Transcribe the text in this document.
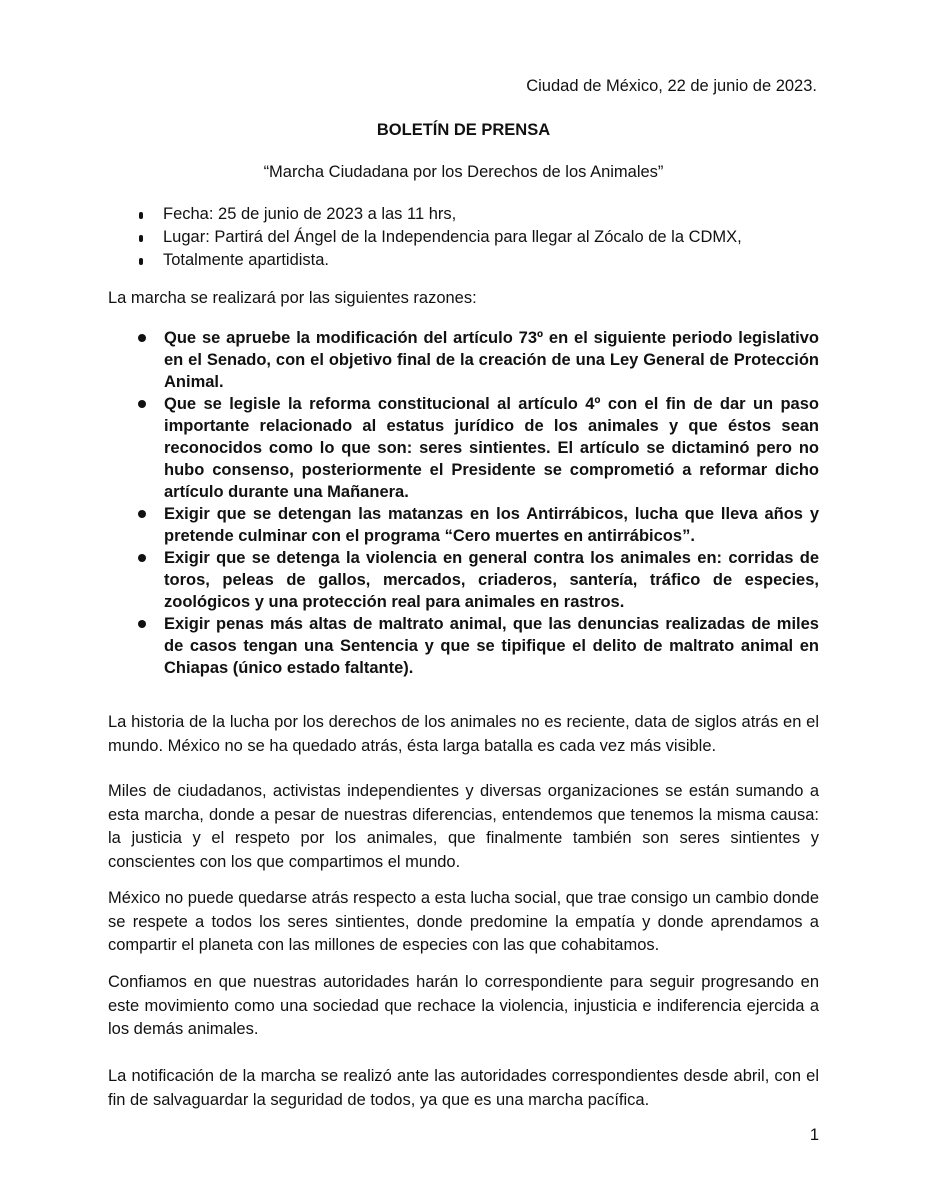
Ciudad de México, 22 de junio de 2023.
BOLETÍN DE PRENSA
“Marcha Ciudadana por los Derechos de los Animales”
Fecha: 25 de junio de 2023 a las 11 hrs,
Lugar: Partirá del Ángel de la Independencia para llegar al Zócalo de la CDMX,
Totalmente apartidista.
La marcha se realizará por las siguientes razones:
Que se apruebe la modificación del artículo 73º en el siguiente periodo legislativo en el Senado, con el objetivo final de la creación de una Ley General de Protección Animal.
Que se legisle la reforma constitucional al artículo 4º con el fin de dar un paso importante relacionado al estatus jurídico de los animales y que éstos sean reconocidos como lo que son: seres sintientes. El artículo se dictaminó pero no hubo consenso, posteriormente el Presidente se comprometió a reformar dicho artículo durante una Mañanera.
Exigir que se detengan las matanzas en los Antirrábicos, lucha que lleva años y pretende culminar con el programa “Cero muertes en antirrábicos”.
Exigir que se detenga la violencia en general contra los animales en: corridas de toros, peleas de gallos, mercados, criaderos, santería, tráfico de especies, zoológicos y una protección real para animales en rastros.
Exigir penas más altas de maltrato animal, que las denuncias realizadas de miles de casos tengan una Sentencia y que se tipifique el delito de maltrato animal en Chiapas (único estado faltante).

La historia de la lucha por los derechos de los animales no es reciente, data de siglos atrás en el mundo. México no se ha quedado atrás, ésta larga batalla es cada vez más visible.

Miles de ciudadanos, activistas independientes y diversas organizaciones se están sumando a esta marcha, donde a pesar de nuestras diferencias, entendemos que tenemos la misma causa: la justicia y el respeto por los animales, que finalmente también son seres sintientes y conscientes con los que compartimos el mundo.

México no puede quedarse atrás respecto a esta lucha social, que trae consigo un cambio donde se respete a todos los seres sintientes, donde predomine la empatía y donde aprendamos a compartir el planeta con las millones de especies con las que cohabitamos.

Confiamos en que nuestras autoridades harán lo correspondiente para seguir progresando en este movimiento como una sociedad que rechace la violencia, injusticia e indiferencia ejercida a los demás animales.

La notificación de la marcha se realizó ante las autoridades correspondientes desde abril, con el fin de salvaguardar la seguridad de todos, ya que es una marcha pacífica.

1
